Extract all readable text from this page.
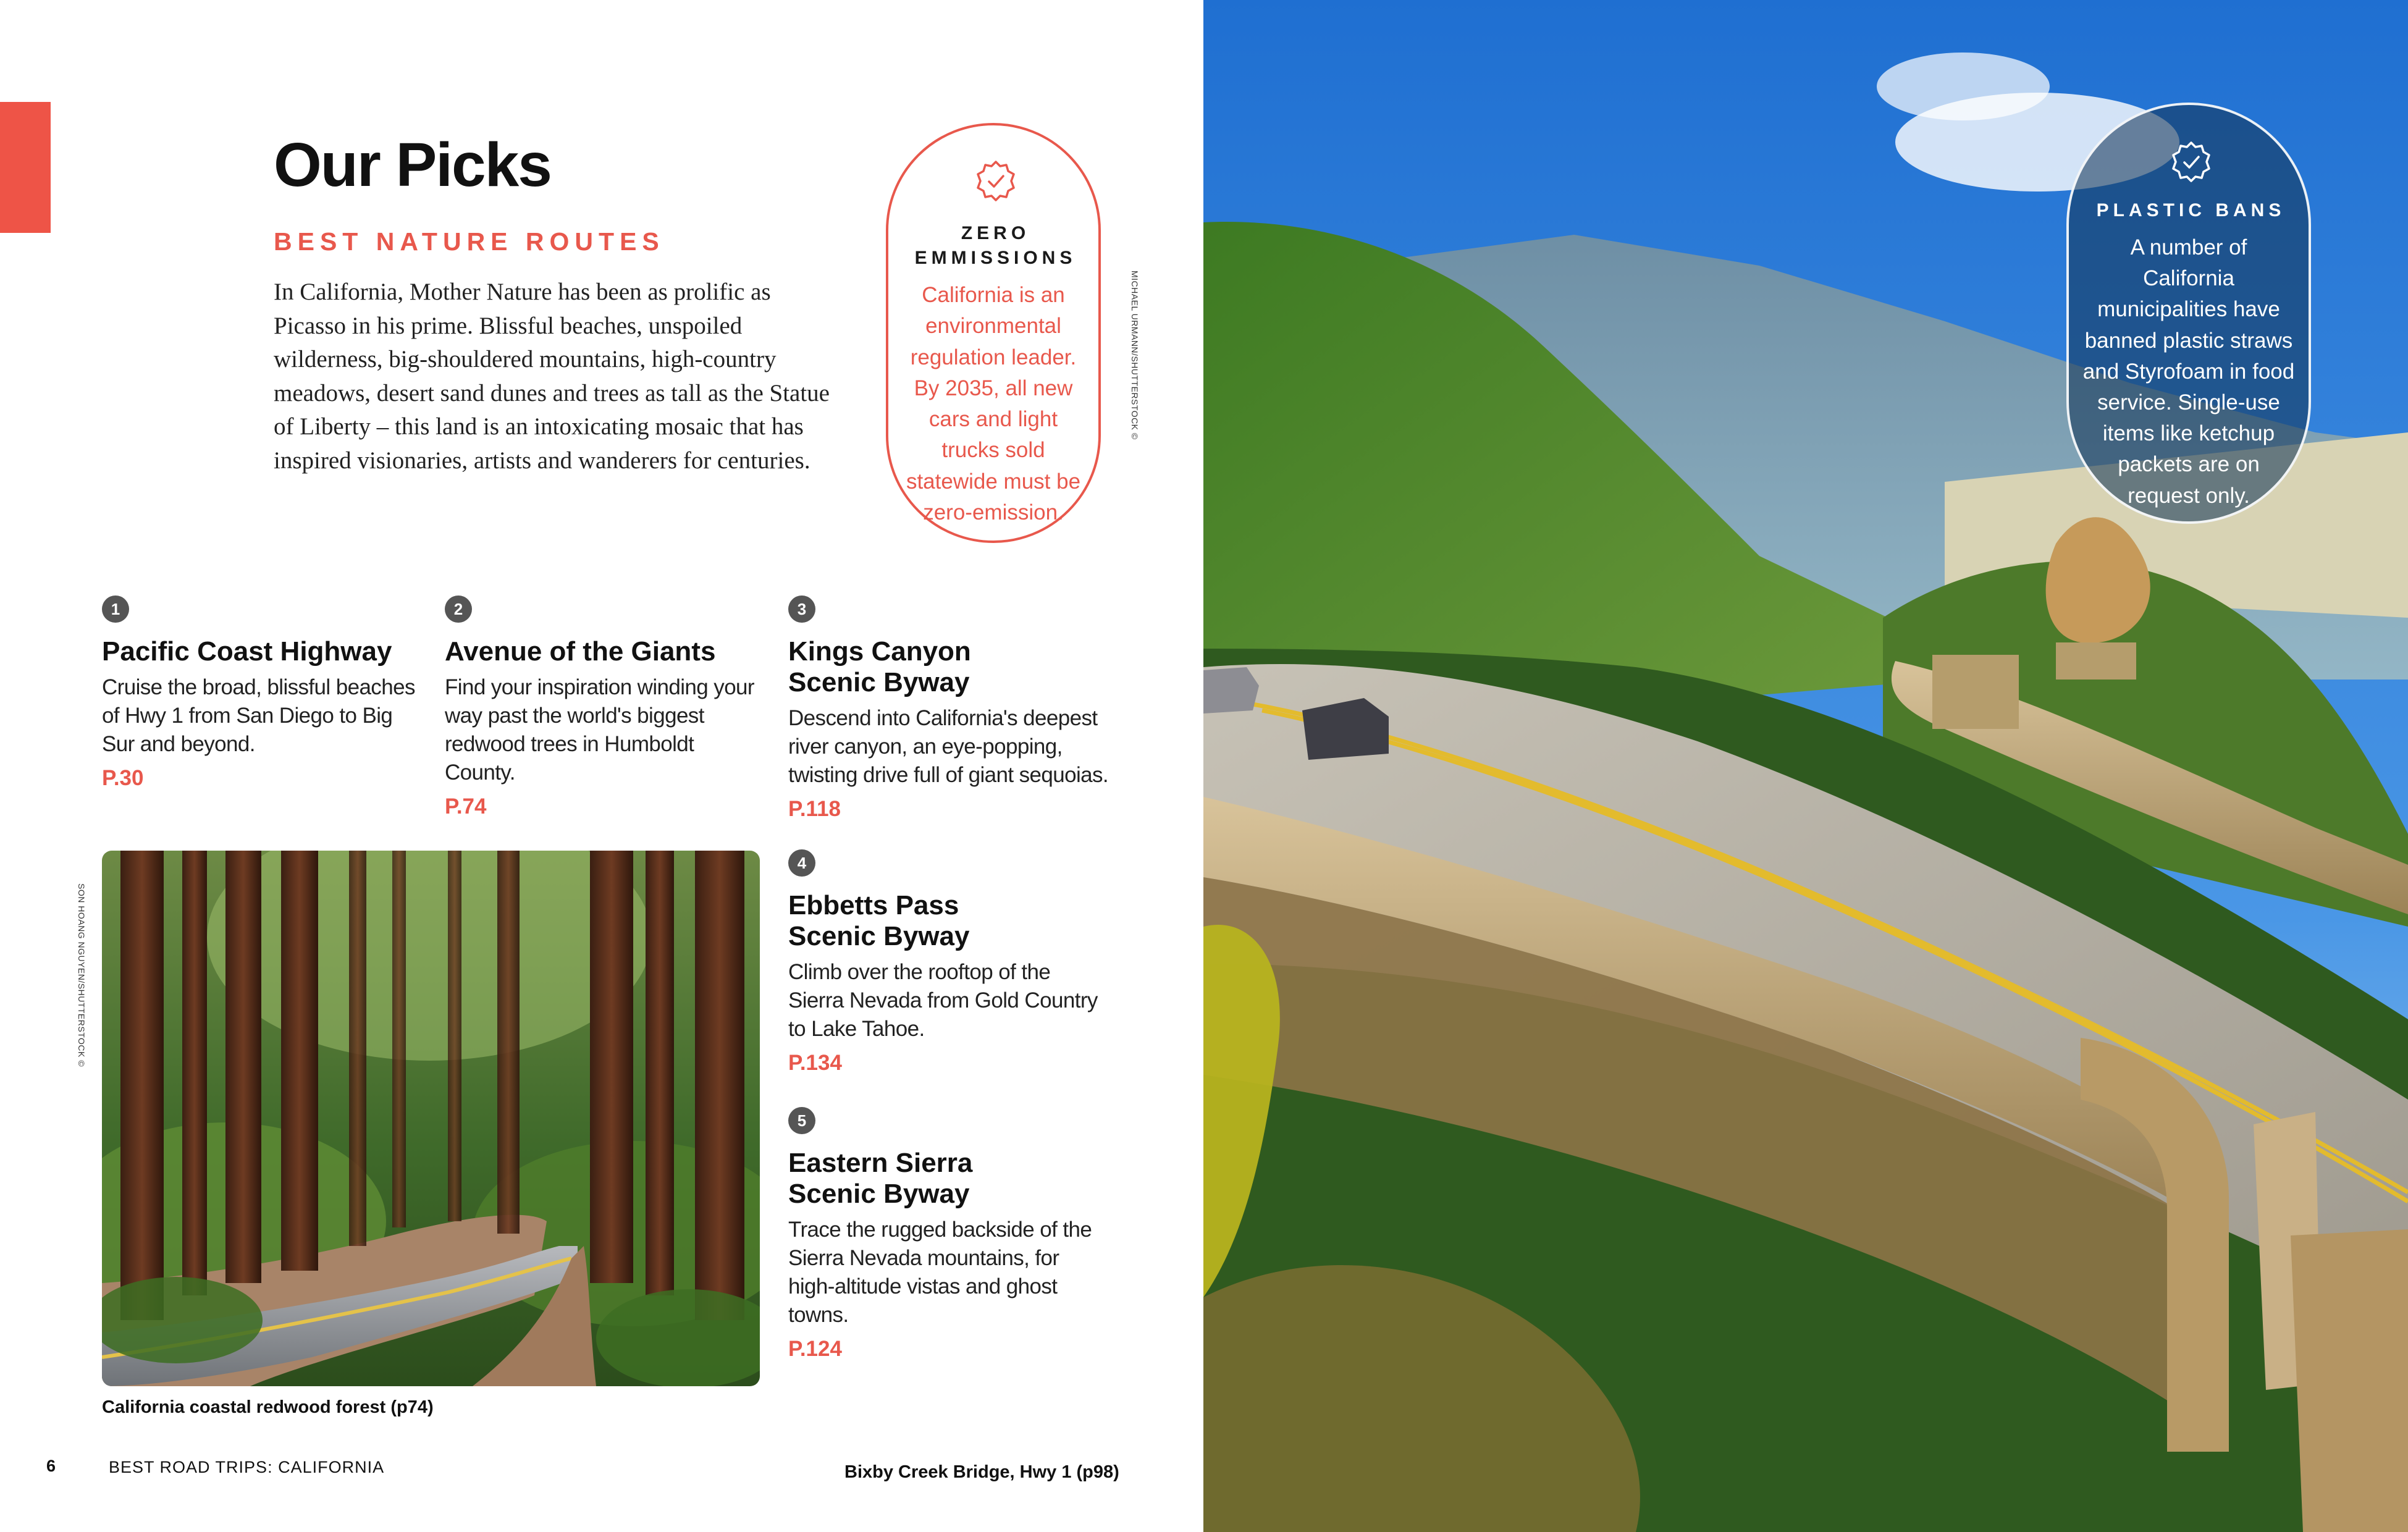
Our Picks
BEST NATURE ROUTES

In California, Mother Nature has been as prolific as Picasso in his prime. Blissful beaches, unspoiled wilderness, big-shouldered mountains, high-country meadows, desert sand dunes and trees as tall as the Statue of Liberty – this land is an intoxicating mosaic that has inspired visionaries, artists and wanderers for centuries.

ZERO
EMMISSIONS
California is an environmental regulation leader. By 2035, all new cars and light trucks sold statewide must be zero-emission.
MICHAEL URMANN/SHUTTERSTOCK ©
SON HOANG NGUYEN/SHUTTERSTOCK ©
1
Pacific Coast Highway

Cruise the broad, blissful beaches of Hwy 1 from San Diego to Big Sur and beyond.

P.30
2
Avenue of the Giants

Find your inspiration winding your way past the world's biggest redwood trees in Humboldt County.

P.74
3
Kings Canyon Scenic Byway

Descend into California's deepest river canyon, an eye-popping, twisting drive full of giant sequoias.

P.118
4
Ebbetts Pass Scenic Byway

Climb over the rooftop of the Sierra Nevada from Gold Country to Lake Tahoe.

P.134
5
Eastern Sierra Scenic Byway

Trace the rugged backside of the Sierra Nevada mountains, for high-altitude vistas and ghost towns.

P.124
California coastal redwood forest (p74)
Bixby Creek Bridge, Hwy 1 (p98)
6	BEST ROAD TRIPS: CALIFORNIA
PLASTIC BANS
A number of California municipalities have banned plastic straws and Styrofoam in food service. Single-use items like ketchup packets are on request only.
